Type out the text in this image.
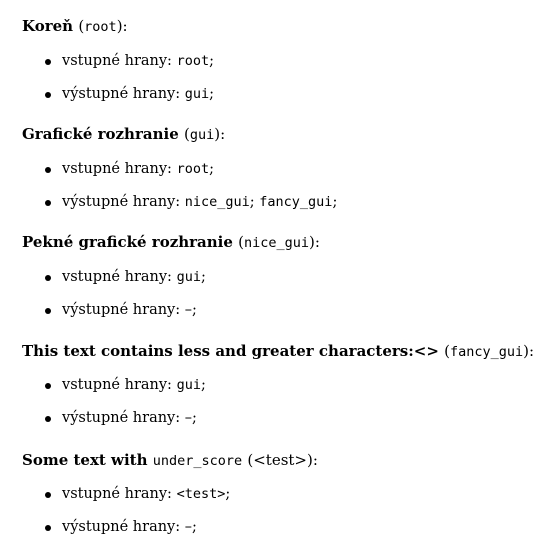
Koreň (root):
vstupné hrany: root;
výstupné hrany: gui;
Grafické rozhranie (gui):
vstupné hrany: root;
výstupné hrany: nice_gui; fancy_gui;
Pekné grafické rozhranie (nice_gui):
vstupné hrany: gui;
výstupné hrany: –;
This text contains less and greater characters:<> (fancy_gui):
vstupné hrany: gui;
výstupné hrany: –;
Some text with under_score (<test>):
vstupné hrany: <test>;
výstupné hrany: –;
